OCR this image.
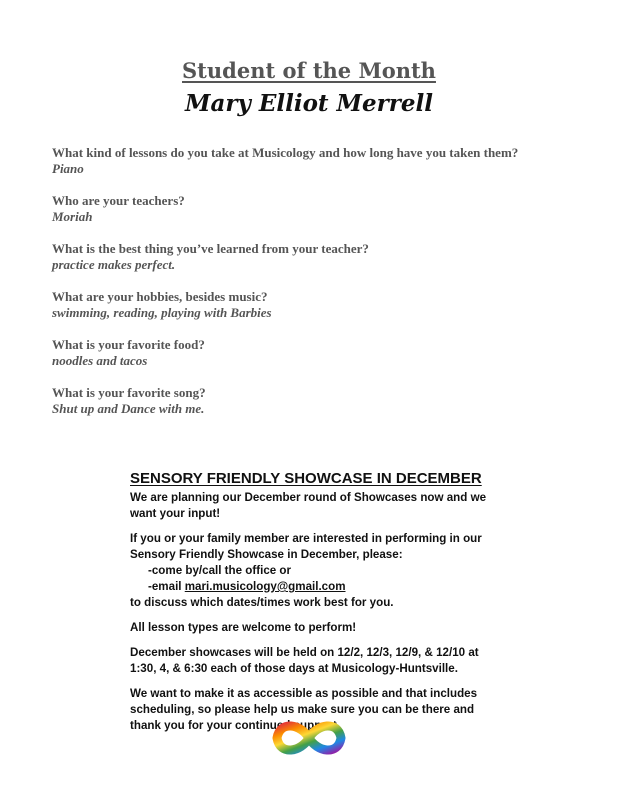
Student of the Month
Mary Elliot Merrell
What kind of lessons do you take at Musicology and how long have you taken them?
Piano
Who are your teachers?
Moriah
What is the best thing you’ve learned from your teacher?
practice makes perfect.
What are your hobbies, besides music?
swimming, reading, playing with Barbies
What is your favorite food?
noodles and tacos
What is your favorite song?
Shut up and Dance with me.
SENSORY FRIENDLY SHOWCASE IN DECEMBER

We are planning our December round of Showcases now and we want your input!

If you or your family member are interested in performing in our Sensory Friendly Showcase in December, please:
-come by/call the office or
-email mari.musicology@gmail.com
to discuss which dates/times work best for you.

All lesson types are welcome to perform!

December showcases will be held on 12/2, 12/3, 12/9, & 12/10 at 1:30, 4, & 6:30 each of those days at Musicology-Huntsville.

We want to make it as accessible as possible and that includes scheduling, so please help us make sure you can be there and thank you for your continued support.
